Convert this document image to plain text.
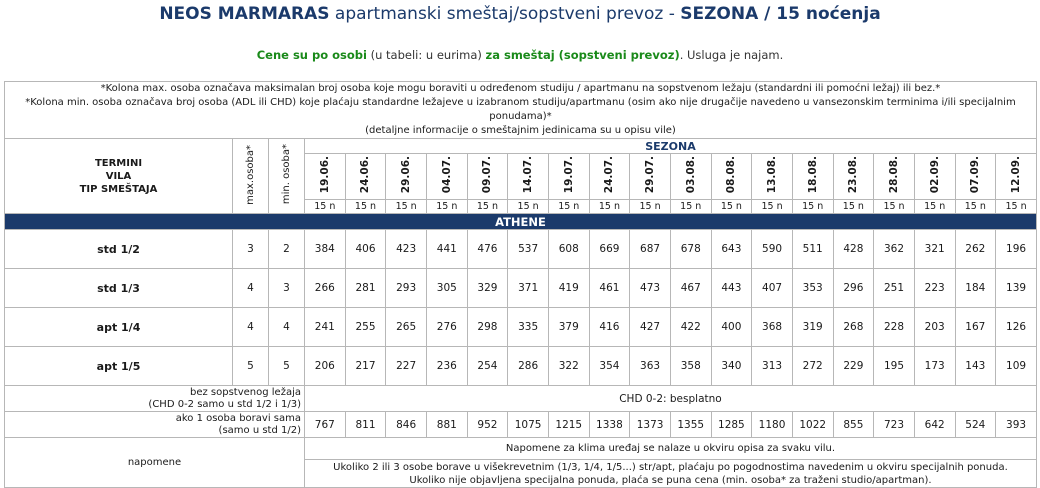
NEOS MARMARAS apartmanski smeštaj/sopstveni prevoz - SEZONA / 15 noćenja
Cene su po osobi (u tabeli: u eurima) za smeštaj (sopstveni prevoz). Usluga je najam.
*Kolona max. osoba označava maksimalan broj osoba koje mogu boraviti u određenom studiju / apartmanu na sopstvenom ležaju (standardni ili pomoćni ležaj) ili bez.*
*Kolona min. osoba označava broj osoba (ADL ili CHD) koje plaćaju standardne ležajeve u izabranom studiju/apartmanu (osim ako nije drugačije navedeno u vansezonskim terminima i/ili specijalnim ponudama)*
(detaljne informacije o smeštajnim jedinicama su u opisu vile)																				

TERMINI
VILA
TIP SMEŠTAJA	max.osoba*	min. osoba*	SEZONA																	
			19.06.	24.06.	29.06.	04.07.	09.07.	14.07.	19.07.	24.07.	29.07.	03.08.	08.08.	13.08.	18.08.	23.08.	28.08.	02.09.	07.09.	12.09.
			15 n	15 n	15 n	15 n	15 n	15 n	15 n	15 n	15 n	15 n	15 n	15 n	15 n	15 n	15 n	15 n	15 n	15 n
ATHENE																				
std 1/2	3	2	384	406	423	441	476	537	608	669	687	678	643	590	511	428	362	321	262	196
std 1/3	4	3	266	281	293	305	329	371	419	461	473	467	443	407	353	296	251	223	184	139
apt 1/4	4	4	241	255	265	276	298	335	379	416	427	422	400	368	319	268	228	203	167	126
apt 1/5	5	5	206	217	227	236	254	286	322	354	363	358	340	313	272	229	195	173	143	109

bez sopstvenog ležaja
(CHD 0-2 samo u std 1/2 i 1/3)			CHD 0-2: besplatno																	

ako 1 osoba boravi sama
(samo u std 1/2)			767	811	846	881	952	1075	1215	1338	1373	1355	1285	1180	1022	855	723	642	524	393
napomene			Napomene za klima uređaj se nalaze u okviru opisa za svaku vilu.																	

			Ukoliko 2 ili 3 osobe borave u višekrevetnim (1/3, 1/4, 1/5...) str/apt, plaćaju po pogodnostima navedenim u okviru specijalnih ponuda.
Ukoliko nije objavljena specijalna ponuda, plaća se puna cena (min. osoba* za traženi studio/apartman).																	
